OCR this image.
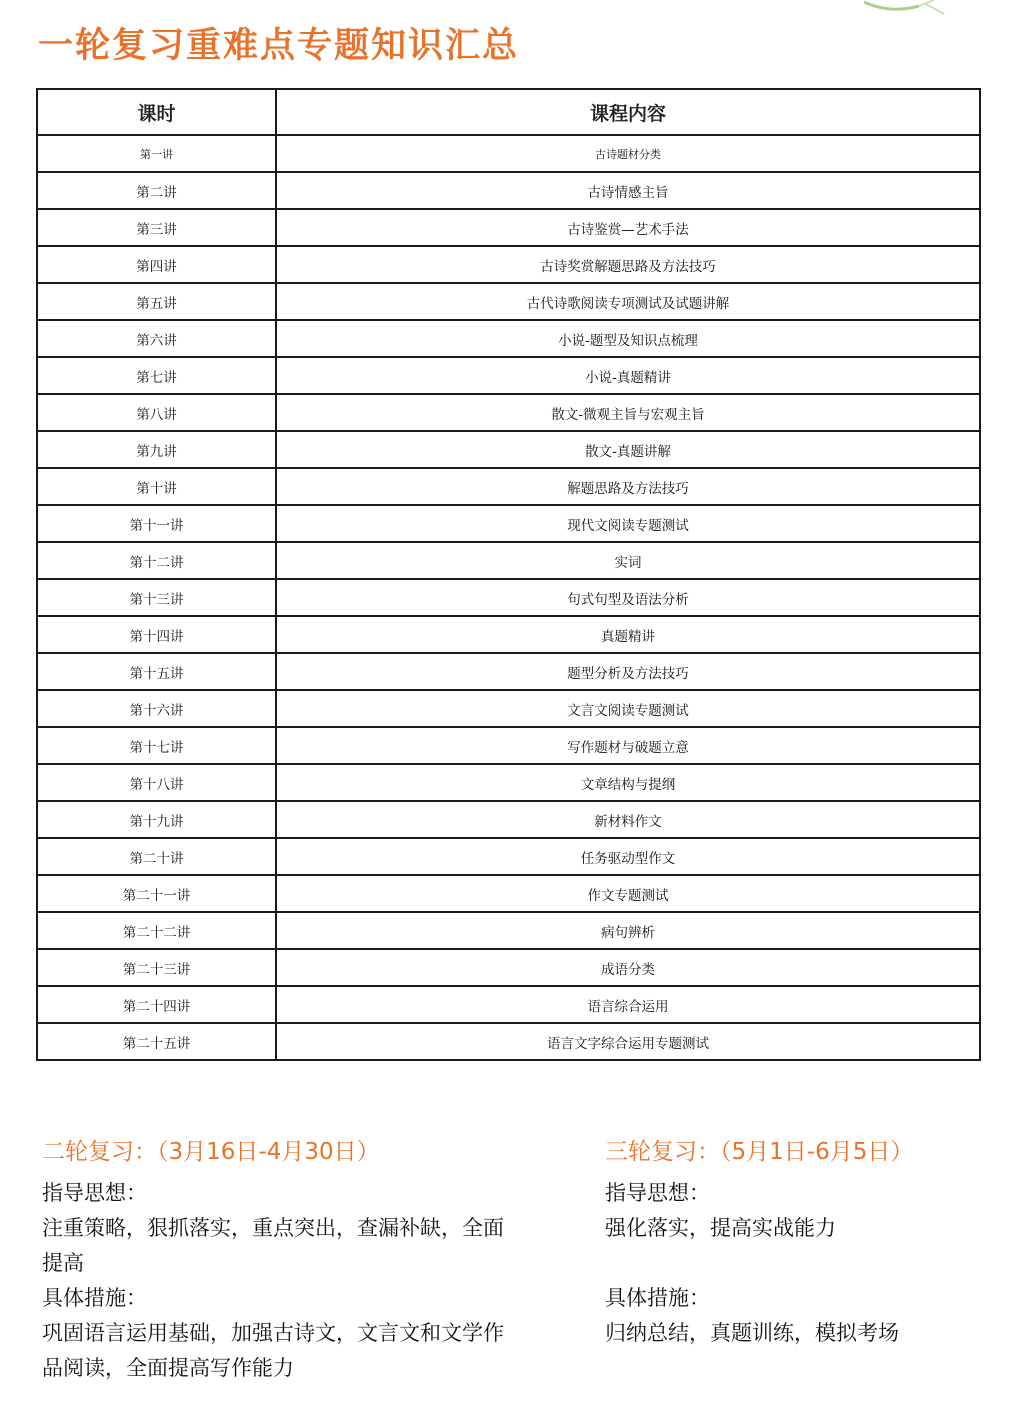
一轮复习重难点专题知识汇总
课时	课程内容
第一讲	古诗题材分类
第二讲	古诗情感主旨
第三讲	古诗鉴赏—艺术手法
第四讲	古诗奖赏解题思路及方法技巧
第五讲	古代诗歌阅读专项测试及试题讲解
第六讲	小说-题型及知识点梳理
第七讲	小说-真题精讲
第八讲	散文-微观主旨与宏观主旨
第九讲	散文-真题讲解
第十讲	解题思路及方法技巧
第十一讲	现代文阅读专题测试
第十二讲	实词
第十三讲	句式句型及语法分析
第十四讲	真题精讲
第十五讲	题型分析及方法技巧
第十六讲	文言文阅读专题测试
第十七讲	写作题材与破题立意
第十八讲	文章结构与提纲
第十九讲	新材料作文
第二十讲	任务驱动型作文
第二十一讲	作文专题测试
第二十二讲	病句辨析
第二十三讲	成语分类
第二十四讲	语言综合运用
第二十五讲	语言文字综合运用专题测试

二轮复习：（3月16日-4月30日）

指导思想：

注重策略，狠抓落实，重点突出，查漏补缺，全面

提高

具体措施：

巩固语言运用基础，加强古诗文，文言文和文学作

品阅读，全面提高写作能力

三轮复习：（5月1日-6月5日）

指导思想：

强化落实，提高实战能力

具体措施：

归纳总结，真题训练，模拟考场
